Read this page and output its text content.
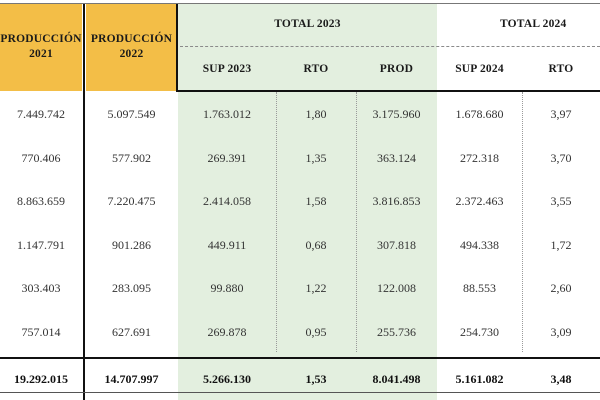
PRODUCCIÓN
2021
PRODUCCIÓN
2022
TOTAL 2023	TOTAL 2024
SUP 2023	RTO	PROD	SUP 2024	RTO
7.449.742	5.097.549	1.763.012	1,80	3.175.960	1.678.680	3,97
770.406	577.902	269.391	1,35	363.124	272.318	3,70
8.863.659	7.220.475	2.414.058	1,58	3.816.853	2.372.463	3,55
1.147.791	901.286	449.911	0,68	307.818	494.338	1,72
303.403	283.095	99.880	1,22	122.008	88.553	2,60
757.014	627.691	269.878	0,95	255.736	254.730	3,09
19.292.015	14.707.997	5.266.130	1,53	8.041.498	5.161.082	3,48
